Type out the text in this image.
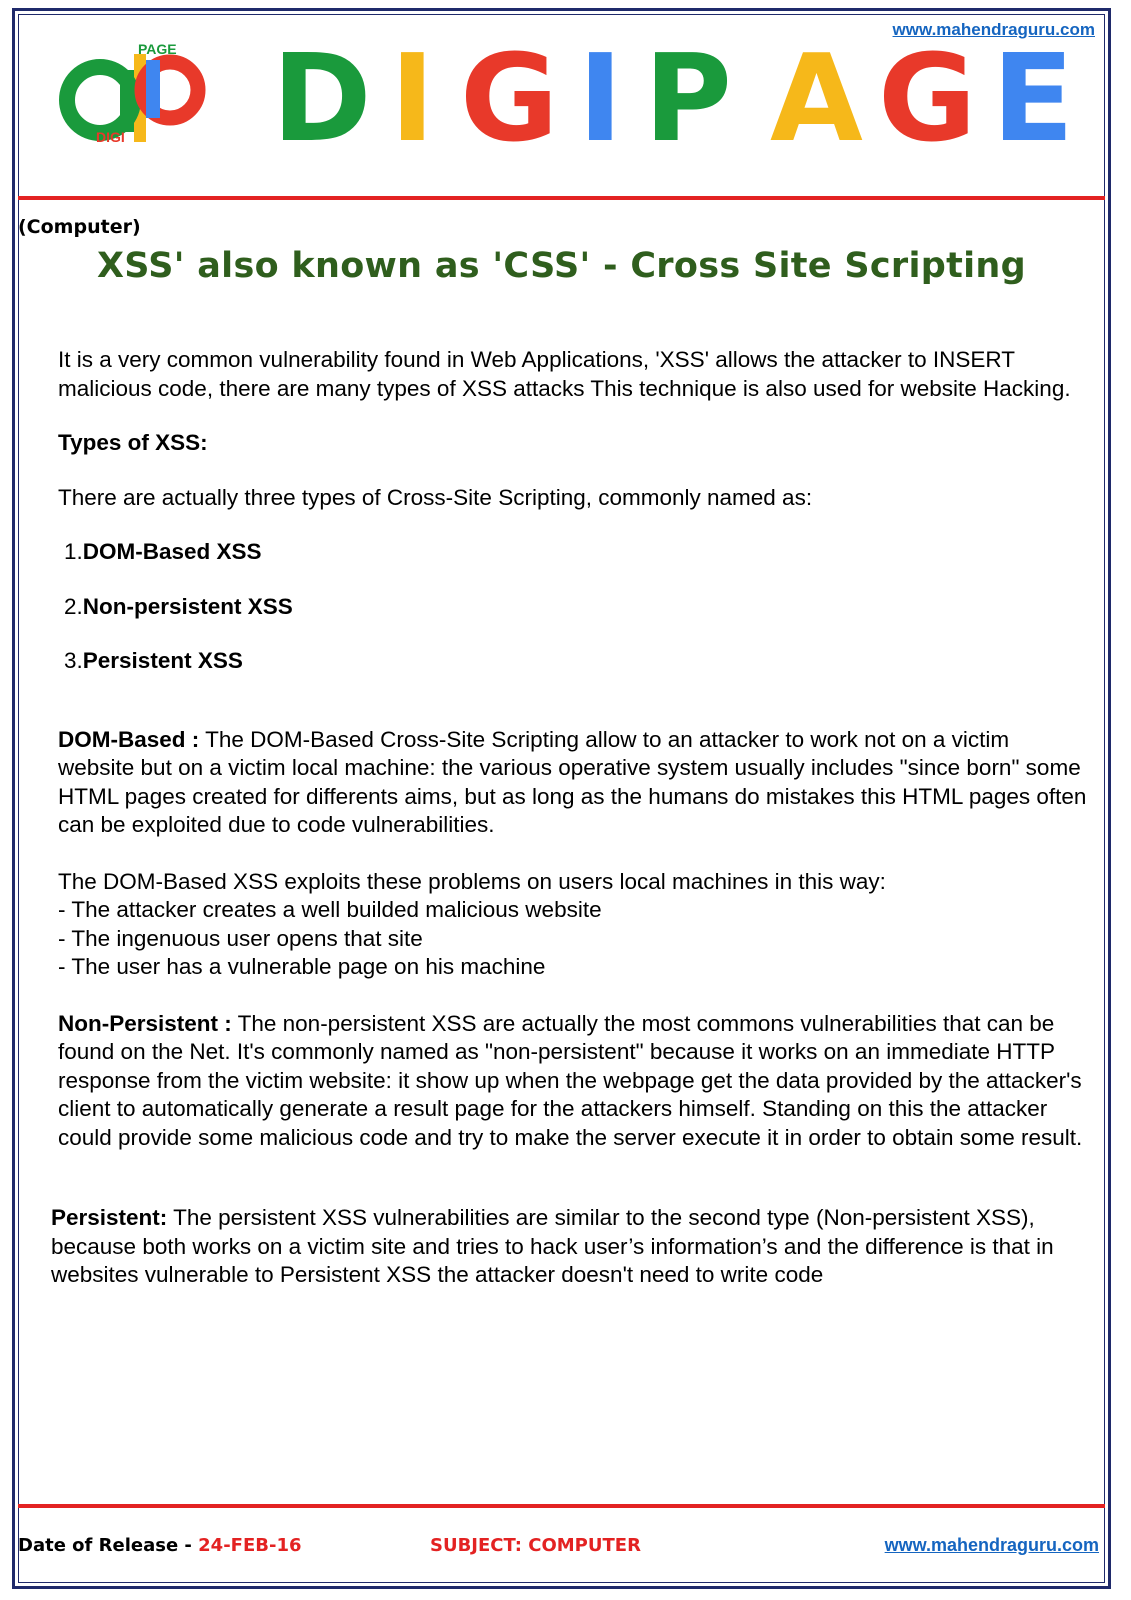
www.mahendraguru.com
PAGE
DIGI D I G I P A G E
(Computer)
XSS' also known as 'CSS' - Cross Site Scripting

It is a very common vulnerability found in Web Applications, 'XSS' allows the attacker to INSERT malicious code, there are many types of XSS attacks This technique is also used for website Hacking.

Types of XSS:

There are actually three types of Cross-Site Scripting, commonly named as:

1.DOM-Based XSS
2.Non-persistent XSS
3.Persistent XSS

DOM-Based : The DOM-Based Cross-Site Scripting allow to an attacker to work not on a victim website but on a victim local machine: the various operative system usually includes "since born" some HTML pages created for differents aims, but as long as the humans do mistakes this HTML pages often can be exploited due to code vulnerabilities.

The DOM-Based XSS exploits these problems on users local machines in this way:

- The attacker creates a well builded malicious website

- The ingenuous user opens that site

- The user has a vulnerable page on his machine

Non-Persistent : The non-persistent XSS are actually the most commons vulnerabilities that can be found on the Net. It's commonly named as "non-persistent" because it works on an immediate HTTP response from the victim website: it show up when the webpage get the data provided by the attacker's client to automatically generate a result page for the attackers himself. Standing on this the attacker could provide some malicious code and try to make the server execute it in order to obtain some result.

Persistent: The persistent XSS vulnerabilities are similar to the second type (Non-persistent XSS), because both works on a victim site and tries to hack user’s information’s and the difference is that in websites vulnerable to Persistent XSS the attacker doesn't need to write code

Date of Release - 24-FEB-16	SUBJECT: COMPUTER	www.mahendraguru.com
